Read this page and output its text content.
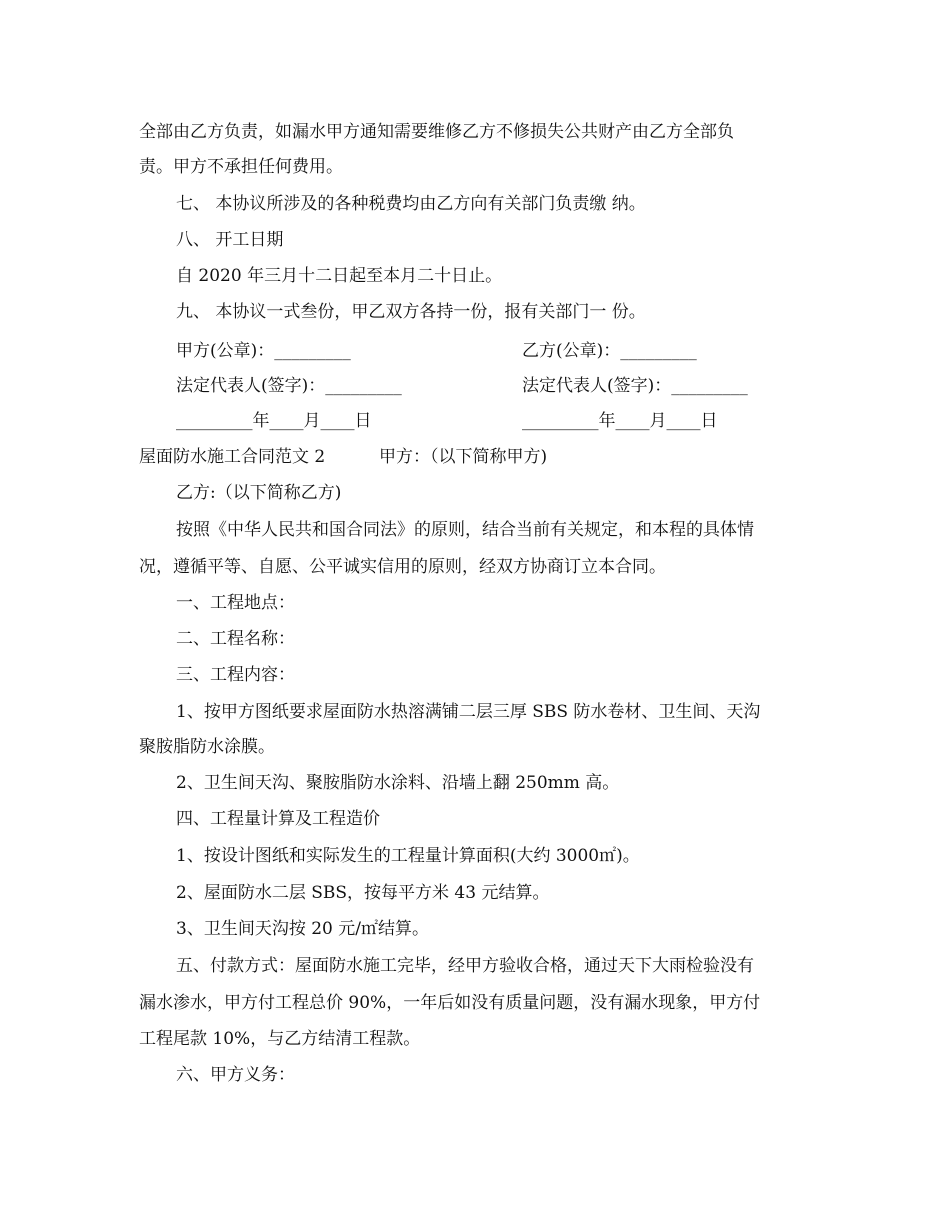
全部由乙方负责，如漏水甲方通知需要维修乙方不修损失公共财产由乙方全部负
责。甲方不承担任何费用。
七、 本协议所涉及的各种税费均由乙方向有关部门负责缴 纳。
八、 开工日期
自 2020 年三月十二日起至本月二十日止。
九、 本协议一式叁份，甲乙双方各持一份，报有关部门一 份。
甲方(公章)：_________	乙方(公章)：_________
法定代表人(签字)：_________	法定代表人(签字)：_________
_________年____月____日	_________年____月____日
屋面防水施工合同范文 2	甲方：（以下简称甲方)
乙方:（以下简称乙方)
按照《中华人民共和国合同法》的原则，结合当前有关规定，和本程的具体情
况，遵循平等、自愿、公平诚实信用的原则，经双方协商订立本合同。
一、工程地点：
二、工程名称：
三、工程内容：
1、按甲方图纸要求屋面防水热溶满铺二层三厚 SBS 防水卷材、卫生间、天沟
聚胺脂防水涂膜。
2、卫生间天沟、聚胺脂防水涂料、沿墙上翻 250mm 高。
四、工程量计算及工程造价
1、按设计图纸和实际发生的工程量计算面积(大约 3000㎡)。
2、屋面防水二层 SBS，按每平方米 43 元结算。
3、卫生间天沟按 20 元/㎡结算。
五、付款方式：屋面防水施工完毕，经甲方验收合格，通过天下大雨检验没有
漏水渗水，甲方付工程总价 90%，一年后如没有质量问题，没有漏水现象，甲方付
工程尾款 10%，与乙方结清工程款。
六、甲方义务：
